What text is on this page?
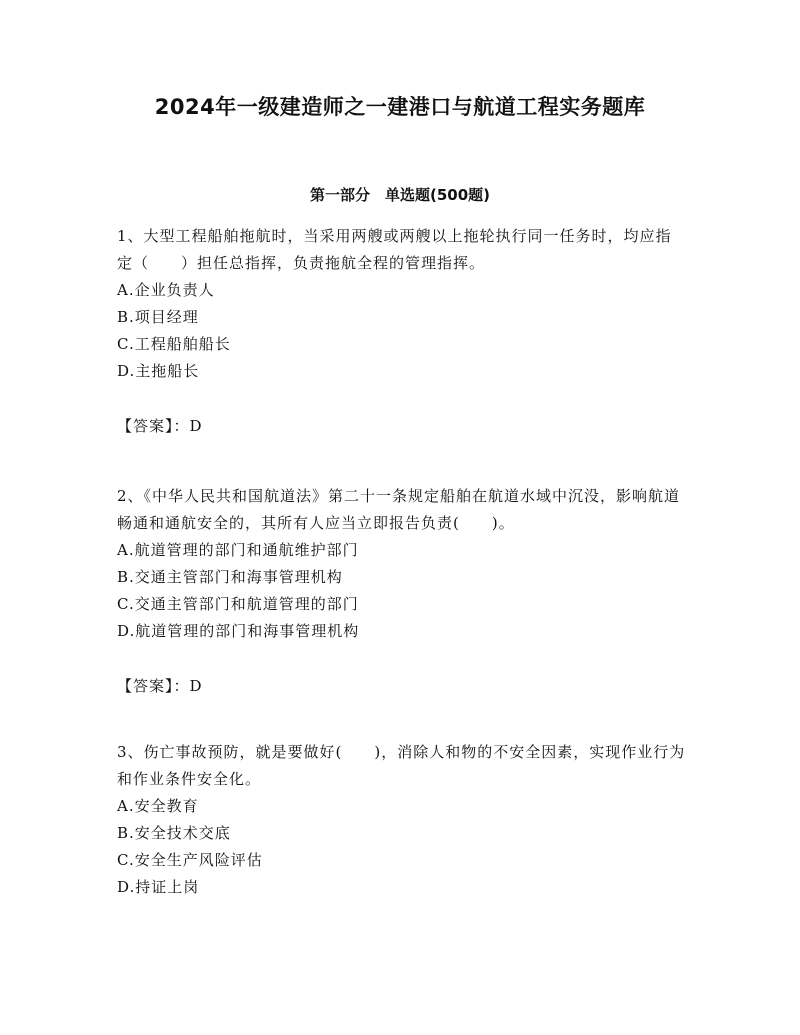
2024年一级建造师之一建港口与航道工程实务题库
第一部分　单选题(500题)

1、大型工程船舶拖航时，当采用两艘或两艘以上拖轮执行同一任务时，均应指定（　　）担任总指挥，负责拖航全程的管理指挥。

A.企业负责人
B.项目经理
C.工程船舶船长
D.主拖船长

【答案】：D

2、《中华人民共和国航道法》第二十一条规定船舶在航道水域中沉没，影响航道畅通和通航安全的，其所有人应当立即报告负责(　　)。

A.航道管理的部门和通航维护部门
B.交通主管部门和海事管理机构
C.交通主管部门和航道管理的部门
D.航道管理的部门和海事管理机构

【答案】：D

3、伤亡事故预防，就是要做好(　　)，消除人和物的不安全因素，实现作业行为和作业条件安全化。

A.安全教育
B.安全技术交底
C.安全生产风险评估
D.持证上岗
